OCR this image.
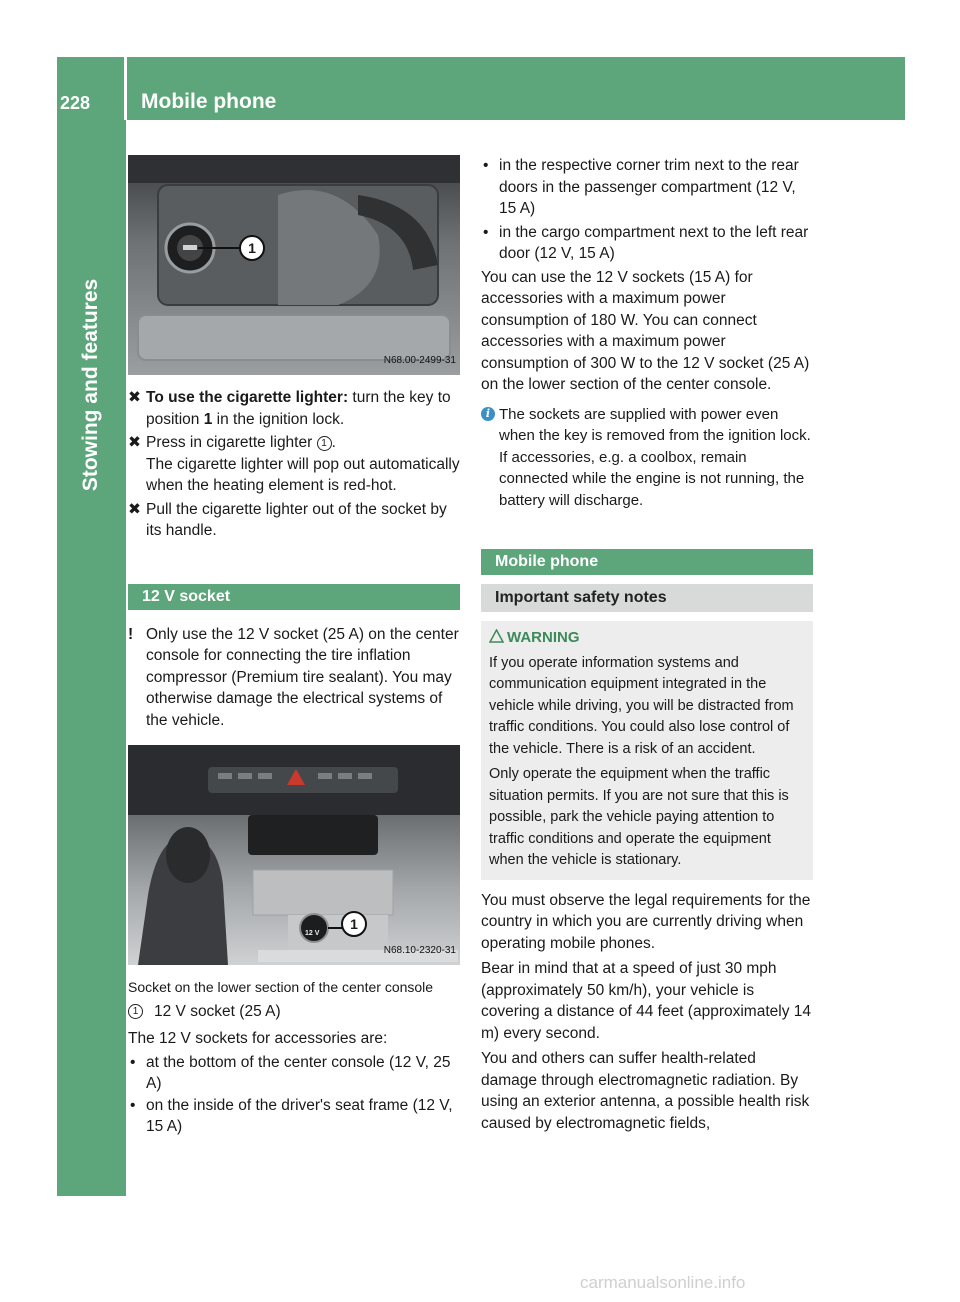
228	Mobile phone
Stowing and features
1
N68.00-2499-31
✖ To use the cigarette lighter: turn the key to position 1 in the ignition lock.
✖ Press in cigarette lighter 1 .

The cigarette lighter will pop out automatically when the heating element is red-hot.

✖ Pull the cigarette lighter out of the socket by its handle.
12 V socket
! Only use the 12 V socket (25 A) on the center console for connecting the tire inflation compressor (Premium tire sealant). You may otherwise damage the electrical systems of the vehicle.
1
12 V
N68.10-2320-31

Socket on the lower section of the center console

1	12 V socket (25 A)

The 12 V sockets for accessories are:

• at the bottom of the center console (12 V, 25 A)
• on the inside of the driver's seat frame (12 V, 15 A)
• in the respective corner trim next to the rear doors in the passenger compartment (12 V, 15 A)
• in the cargo compartment next to the left rear door (12 V, 15 A)

You can use the 12 V sockets (15 A) for accessories with a maximum power consumption of 180 W. You can connect accessories with a maximum power consumption of 300 W to the 12 V socket (25 A) on the lower section of the center console.

i The sockets are supplied with power even when the key is removed from the ignition lock. If accessories, e.g. a coolbox, remain connected while the engine is not running, the battery will discharge.
Mobile phone
Important safety notes
WARNING

If you operate information systems and communication equipment integrated in the vehicle while driving, you will be distracted from traffic conditions. You could also lose control of the vehicle. There is a risk of an accident.

Only operate the equipment when the traffic situation permits. If you are not sure that this is possible, park the vehicle paying attention to traffic conditions and operate the equipment when the vehicle is stationary.

You must observe the legal requirements for the country in which you are currently driving when operating mobile phones.

Bear in mind that at a speed of just 30 mph (approximately 50 km/h), your vehicle is covering a distance of 44 feet (approximately 14 m) every second.

You and others can suffer health-related damage through electromagnetic radiation. By using an exterior antenna, a possible health risk caused by electromagnetic fields,

carmanualsonline.info
